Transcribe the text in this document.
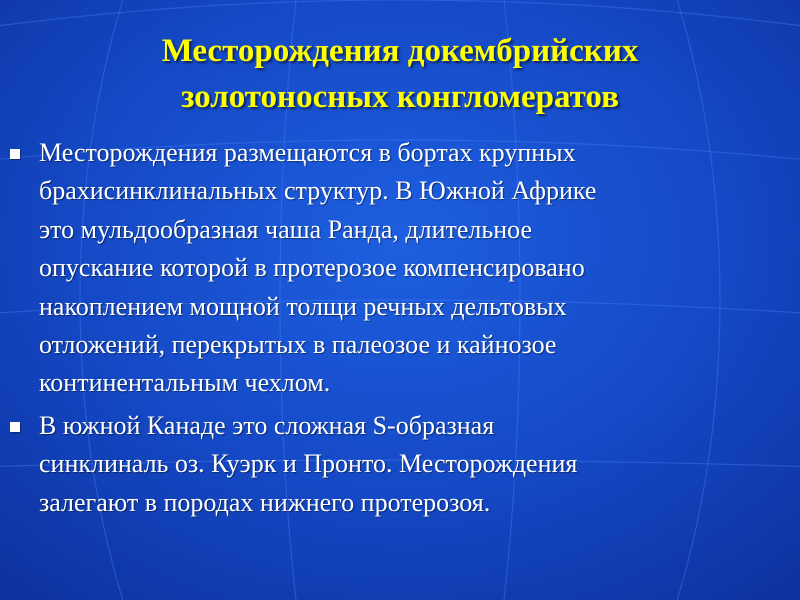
Месторождения докембрийских
золотоносных конгломератов
Месторождения размещаются в бортах крупных
брахисинклинальных структур. В Южной Африке
это мульдообразная чаша Ранда, длительное
опускание которой в протерозое компенсировано
накоплением мощной толщи речных дельтовых
отложений, перекрытых в палеозое и кайнозое
континентальным чехлом.
В южной Канаде это сложная S-образная
синклиналь оз. Куэрк и Пронто. Месторождения
залегают в породах нижнего протерозоя.
